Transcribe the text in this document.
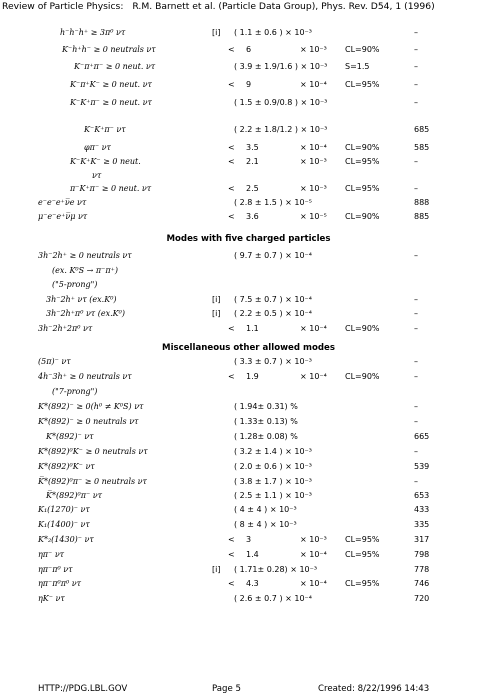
Review of Particle Physics: R.M. Barnett et al. (Particle Data Group), Phys. Rev. D54, 1 (1996)
Modes with five charged particles
Miscellaneous other allowed modes
h⁻h⁻h⁺ ≥ 3π⁰ ντ	[i] ( 1.1 ± 0.6 ) × 10⁻³	–
K⁻h⁺h⁻ ≥ 0 neutrals ντ	< 6	× 10⁻³ CL=90%	–
K⁻π⁺π⁻ ≥ 0 neut. ντ	( 3.9 ± 1.9/1.6 ) × 10⁻³ S=1.5	–
K⁻π⁺K⁻ ≥ 0 neut. ντ	< 9	× 10⁻⁴ CL=95%	–
K⁻K⁺π⁻ ≥ 0 neut. ντ	( 1.5 ± 0.9/0.8 ) × 10⁻³	–
K⁻K⁺π⁻ ντ	( 2.2 ± 1.8/1.2 ) × 10⁻³	685
φπ⁻ ντ	< 3.5	× 10⁻⁴ CL=90%	585
K⁻K⁺K⁻ ≥ 0 neut.	< 2.1	× 10⁻³ CL=95%	–
ντ
π⁻K⁺π⁻ ≥ 0 neut. ντ	< 2.5	× 10⁻³ CL=95%	–
e⁻e⁻e⁺ν̅e ντ	( 2.8 ± 1.5 ) × 10⁻⁵	888
μ⁻e⁻e⁺ν̅μ ντ	< 3.6	× 10⁻⁵ CL=90%	885
3h⁻2h⁺ ≥ 0 neutrals ντ	( 9.7 ± 0.7 ) × 10⁻⁴	–
(ex. K⁰S → π⁻π⁺)
("5-prong")
3h⁻2h⁺ ντ (ex.K⁰)	[i] ( 7.5 ± 0.7 ) × 10⁻⁴	–
3h⁻2h⁺π⁰ ντ (ex.K⁰)	[i] ( 2.2 ± 0.5 ) × 10⁻⁴	–
3h⁻2h⁺2π⁰ ντ	< 1.1	× 10⁻⁴ CL=90%	–
(5π)⁻ ντ	( 3.3 ± 0.7 ) × 10⁻³	–
4h⁻3h⁺ ≥ 0 neutrals ντ	< 1.9	× 10⁻⁴ CL=90%	–
("7-prong")
K*(892)⁻ ≥ 0(h⁰ ≠ K⁰S) ντ	( 1.94± 0.31) %	–
K*(892)⁻ ≥ 0 neutrals ντ	( 1.33± 0.13) %	–
K*(892)⁻ ντ	( 1.28± 0.08) %	665
K*(892)⁰K⁻ ≥ 0 neutrals ντ	( 3.2 ± 1.4 ) × 10⁻³	–
K*(892)⁰K⁻ ντ	( 2.0 ± 0.6 ) × 10⁻³	539
K̅*(892)⁰π⁻ ≥ 0 neutrals ντ	( 3.8 ± 1.7 ) × 10⁻³	–
K̅*(892)⁰π⁻ ντ	( 2.5 ± 1.1 ) × 10⁻³	653
K₁(1270)⁻ ντ	( 4 ± 4 ) × 10⁻³	433
K₁(1400)⁻ ντ	( 8 ± 4 ) × 10⁻³	335
K*₂(1430)⁻ ντ	< 3	× 10⁻³ CL=95%	317
ηπ⁻ ντ	< 1.4	× 10⁻⁴ CL=95%	798
ηπ⁻π⁰ ντ	[i] ( 1.71± 0.28) × 10⁻³	778
ηπ⁻π⁰π⁰ ντ	< 4.3	× 10⁻⁴ CL=95%	746
ηK⁻ ντ	( 2.6 ± 0.7 ) × 10⁻⁴	720
HTTP://PDG.LBL.GOV	Page 5	Created: 8/22/1996 14:43
